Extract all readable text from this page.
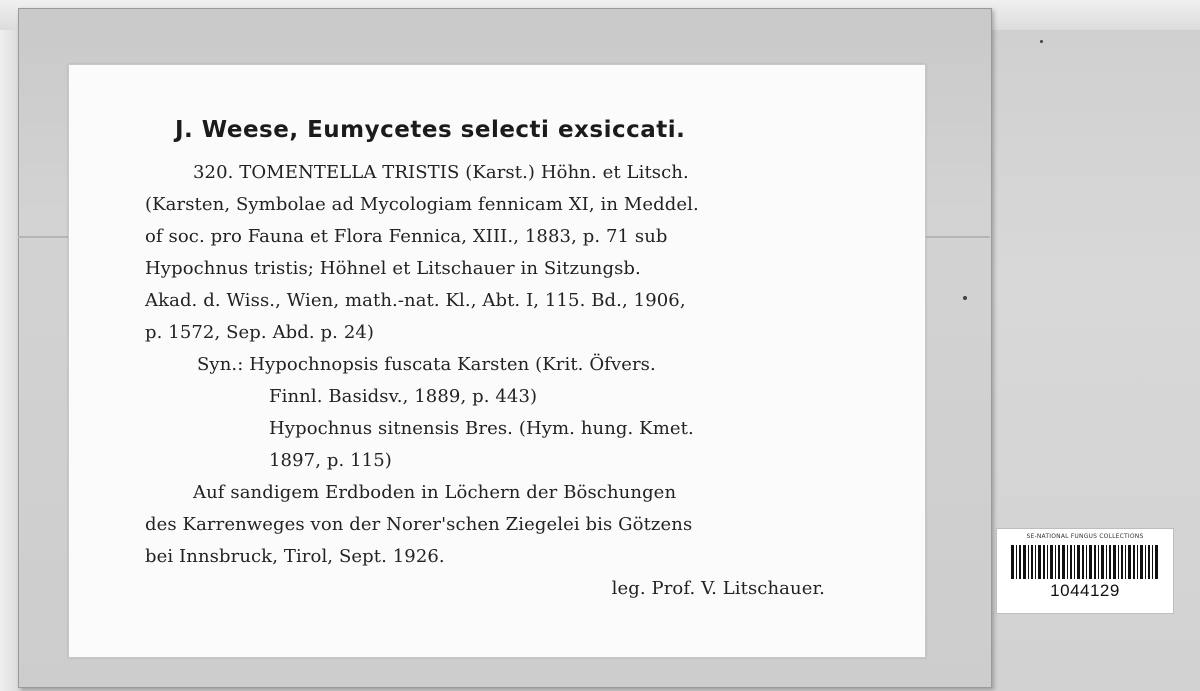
J. Weese, Eumycetes selecti exsiccati.
320. TOMENTELLA TRISTIS (Karst.) Höhn. et Litsch.
(Karsten, Symbolae ad Mycologiam fennicam XI, in Meddel.
of soc. pro Fauna et Flora Fennica, XIII., 1883, p. 71 sub
Hypochnus tristis; Höhnel et Litschauer in Sitzungsb.
Akad. d. Wiss., Wien, math.-nat. Kl., Abt. I, 115. Bd., 1906,
p. 1572, Sep. Abd. p. 24)
Syn.: Hypochnopsis fuscata Karsten (Krit. Öfvers.
Finnl. Basidsv., 1889, p. 443)
Hypochnus sitnensis Bres. (Hym. hung. Kmet.
1897, p. 115)
Auf sandigem Erdboden in Löchern der Böschungen
des Karrenweges von der Norer'schen Ziegelei bis Götzens
bei Innsbruck, Tirol, Sept. 1926.
leg. Prof. V. Litschauer.
SE-NATIONAL FUNGUS COLLECTIONS
1044129
